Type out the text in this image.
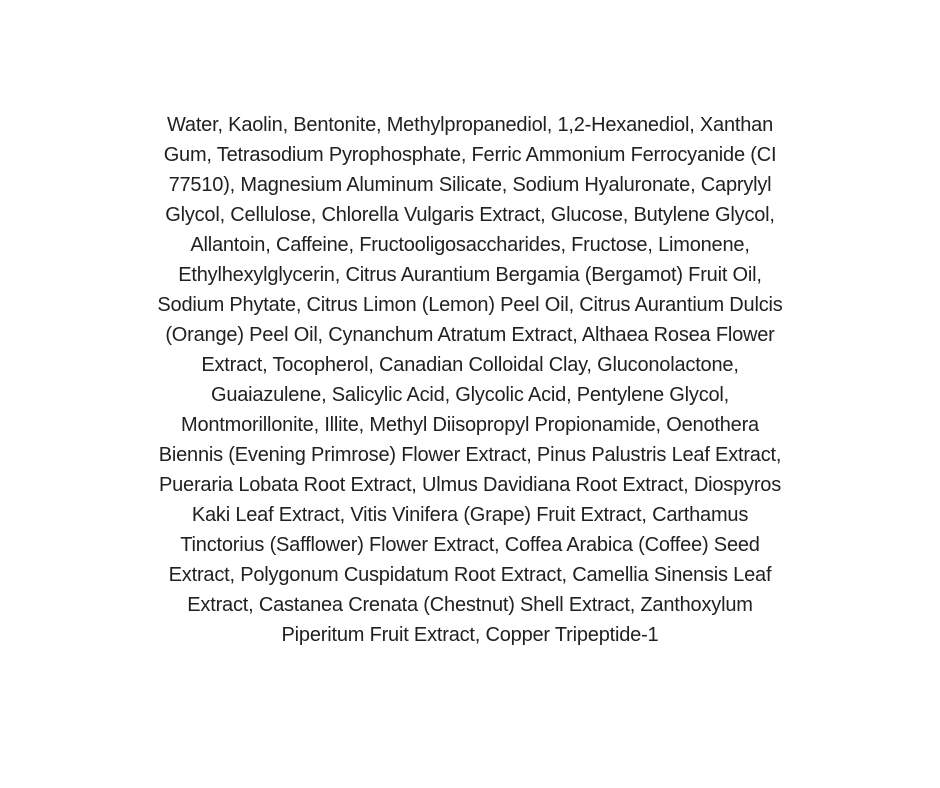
Water, Kaolin, Bentonite, Methylpropanediol, 1,2-Hexanediol, Xanthan
Gum, Tetrasodium Pyrophosphate, Ferric Ammonium Ferrocyanide (CI
77510), Magnesium Aluminum Silicate, Sodium Hyaluronate, Caprylyl
Glycol, Cellulose, Chlorella Vulgaris Extract, Glucose, Butylene Glycol,
Allantoin, Caffeine, Fructooligosaccharides, Fructose, Limonene,
Ethylhexylglycerin, Citrus Aurantium Bergamia (Bergamot) Fruit Oil,
Sodium Phytate, Citrus Limon (Lemon) Peel Oil, Citrus Aurantium Dulcis
(Orange) Peel Oil, Cynanchum Atratum Extract, Althaea Rosea Flower
Extract, Tocopherol, Canadian Colloidal Clay, Gluconolactone,
Guaiazulene, Salicylic Acid, Glycolic Acid, Pentylene Glycol,
Montmorillonite, Illite, Methyl Diisopropyl Propionamide, Oenothera
Biennis (Evening Primrose) Flower Extract, Pinus Palustris Leaf Extract,
Pueraria Lobata Root Extract, Ulmus Davidiana Root Extract, Diospyros
Kaki Leaf Extract, Vitis Vinifera (Grape) Fruit Extract, Carthamus
Tinctorius (Safflower) Flower Extract, Coffea Arabica (Coffee) Seed
Extract, Polygonum Cuspidatum Root Extract, Camellia Sinensis Leaf
Extract, Castanea Crenata (Chestnut) Shell Extract, Zanthoxylum
Piperitum Fruit Extract, Copper Tripeptide-1
